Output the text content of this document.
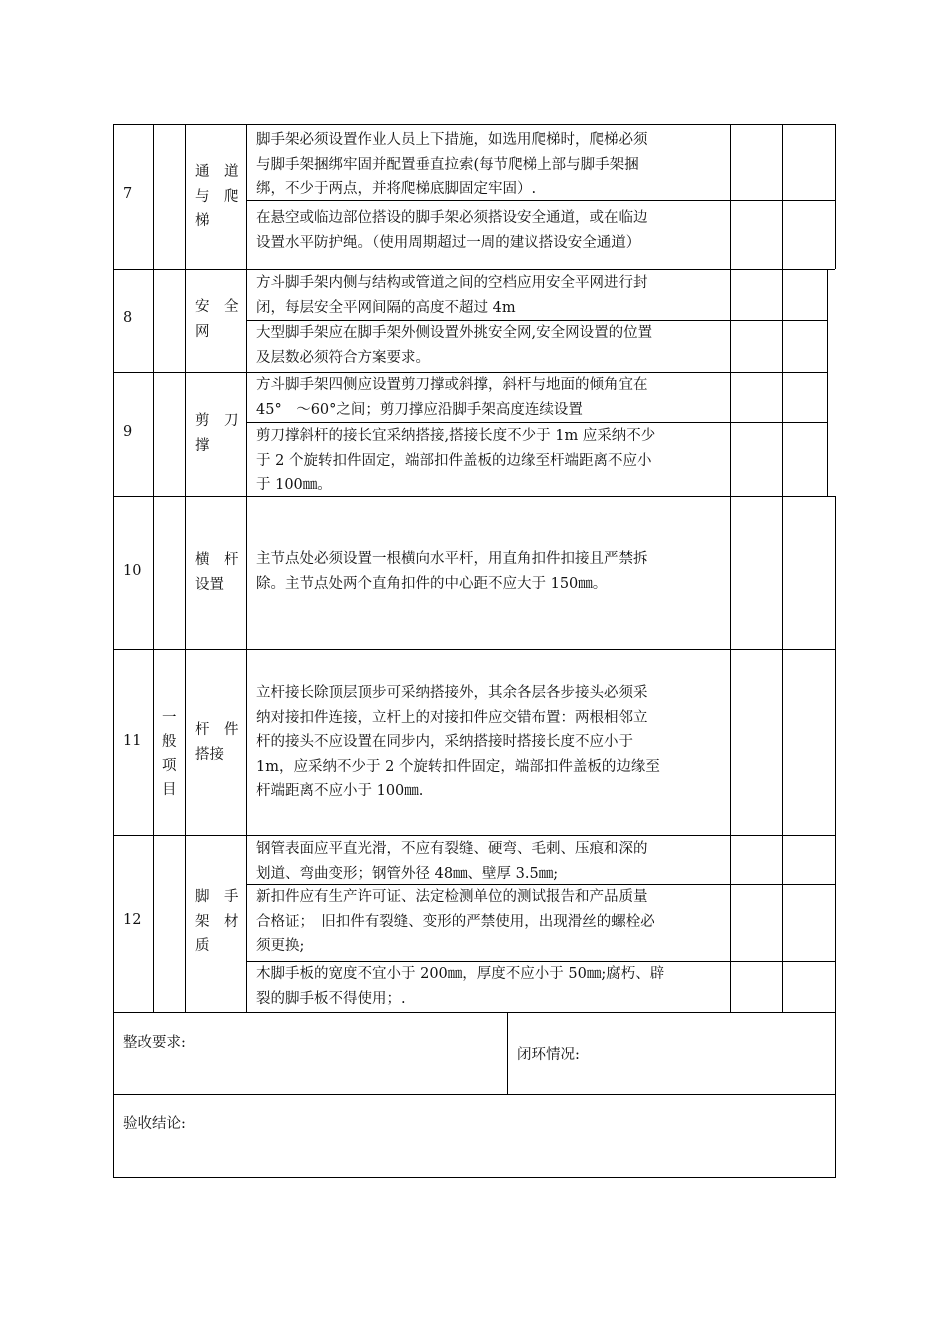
一
般
项
目
7
通　道
与　爬
梯
脚手架必须设置作业人员上下措施，如选用爬梯时，爬梯必须
与脚手架捆绑牢固并配置垂直拉索(每节爬梯上部与脚手架捆
绑，不少于两点，并将爬梯底脚固定牢固）.
在悬空或临边部位搭设的脚手架必须搭设安全通道，或在临边
设置水平防护绳。（使用周期超过一周的建议搭设安全通道）
8
安　全
网
方斗脚手架内侧与结构或管道之间的空档应用安全平网进行封
闭，每层安全平网间隔的高度不超过 4m
大型脚手架应在脚手架外侧设置外挑安全网,安全网设置的位置
及层数必须符合方案要求。
9
剪　刀
撑
方斗脚手架四侧应设置剪刀撑或斜撑，斜杆与地面的倾角宜在
45°　～60°之间；剪刀撑应沿脚手架高度连续设置
剪刀撑斜杆的接长宜采纳搭接,搭接长度不少于 1m 应采纳不少
于 2 个旋转扣件固定，端部扣件盖板的边缘至杆端距离不应小
于 100㎜。
10
横　杆
设置
主节点处必须设置一根横向水平杆，用直角扣件扣接且严禁拆
除。主节点处两个直角扣件的中心距不应大于 150㎜。
11
杆　件
搭接
立杆接长除顶层顶步可采纳搭接外，其余各层各步接头必须采
纳对接扣件连接，立杆上的对接扣件应交错布置：两根相邻立
杆的接头不应设置在同步内，采纳搭接时搭接长度不应小于
1m，应采纳不少于 2 个旋转扣件固定，端部扣件盖板的边缘至
杆端距离不应小于 100㎜.
12
脚　手
架　材
质
钢管表面应平直光滑，不应有裂缝、硬弯、毛刺、压痕和深的
划道、弯曲变形；钢管外径 48㎜、壁厚 3.5㎜;
新扣件应有生产许可证、法定检测单位的测试报告和产品质量
合格证；　旧扣件有裂缝、变形的严禁使用，出现滑丝的螺栓必
须更换;
木脚手板的宽度不宜小于 200㎜，厚度不应小于 50㎜;腐朽、辟
裂的脚手板不得使用；.
整改要求:
闭环情况:
验收结论:
